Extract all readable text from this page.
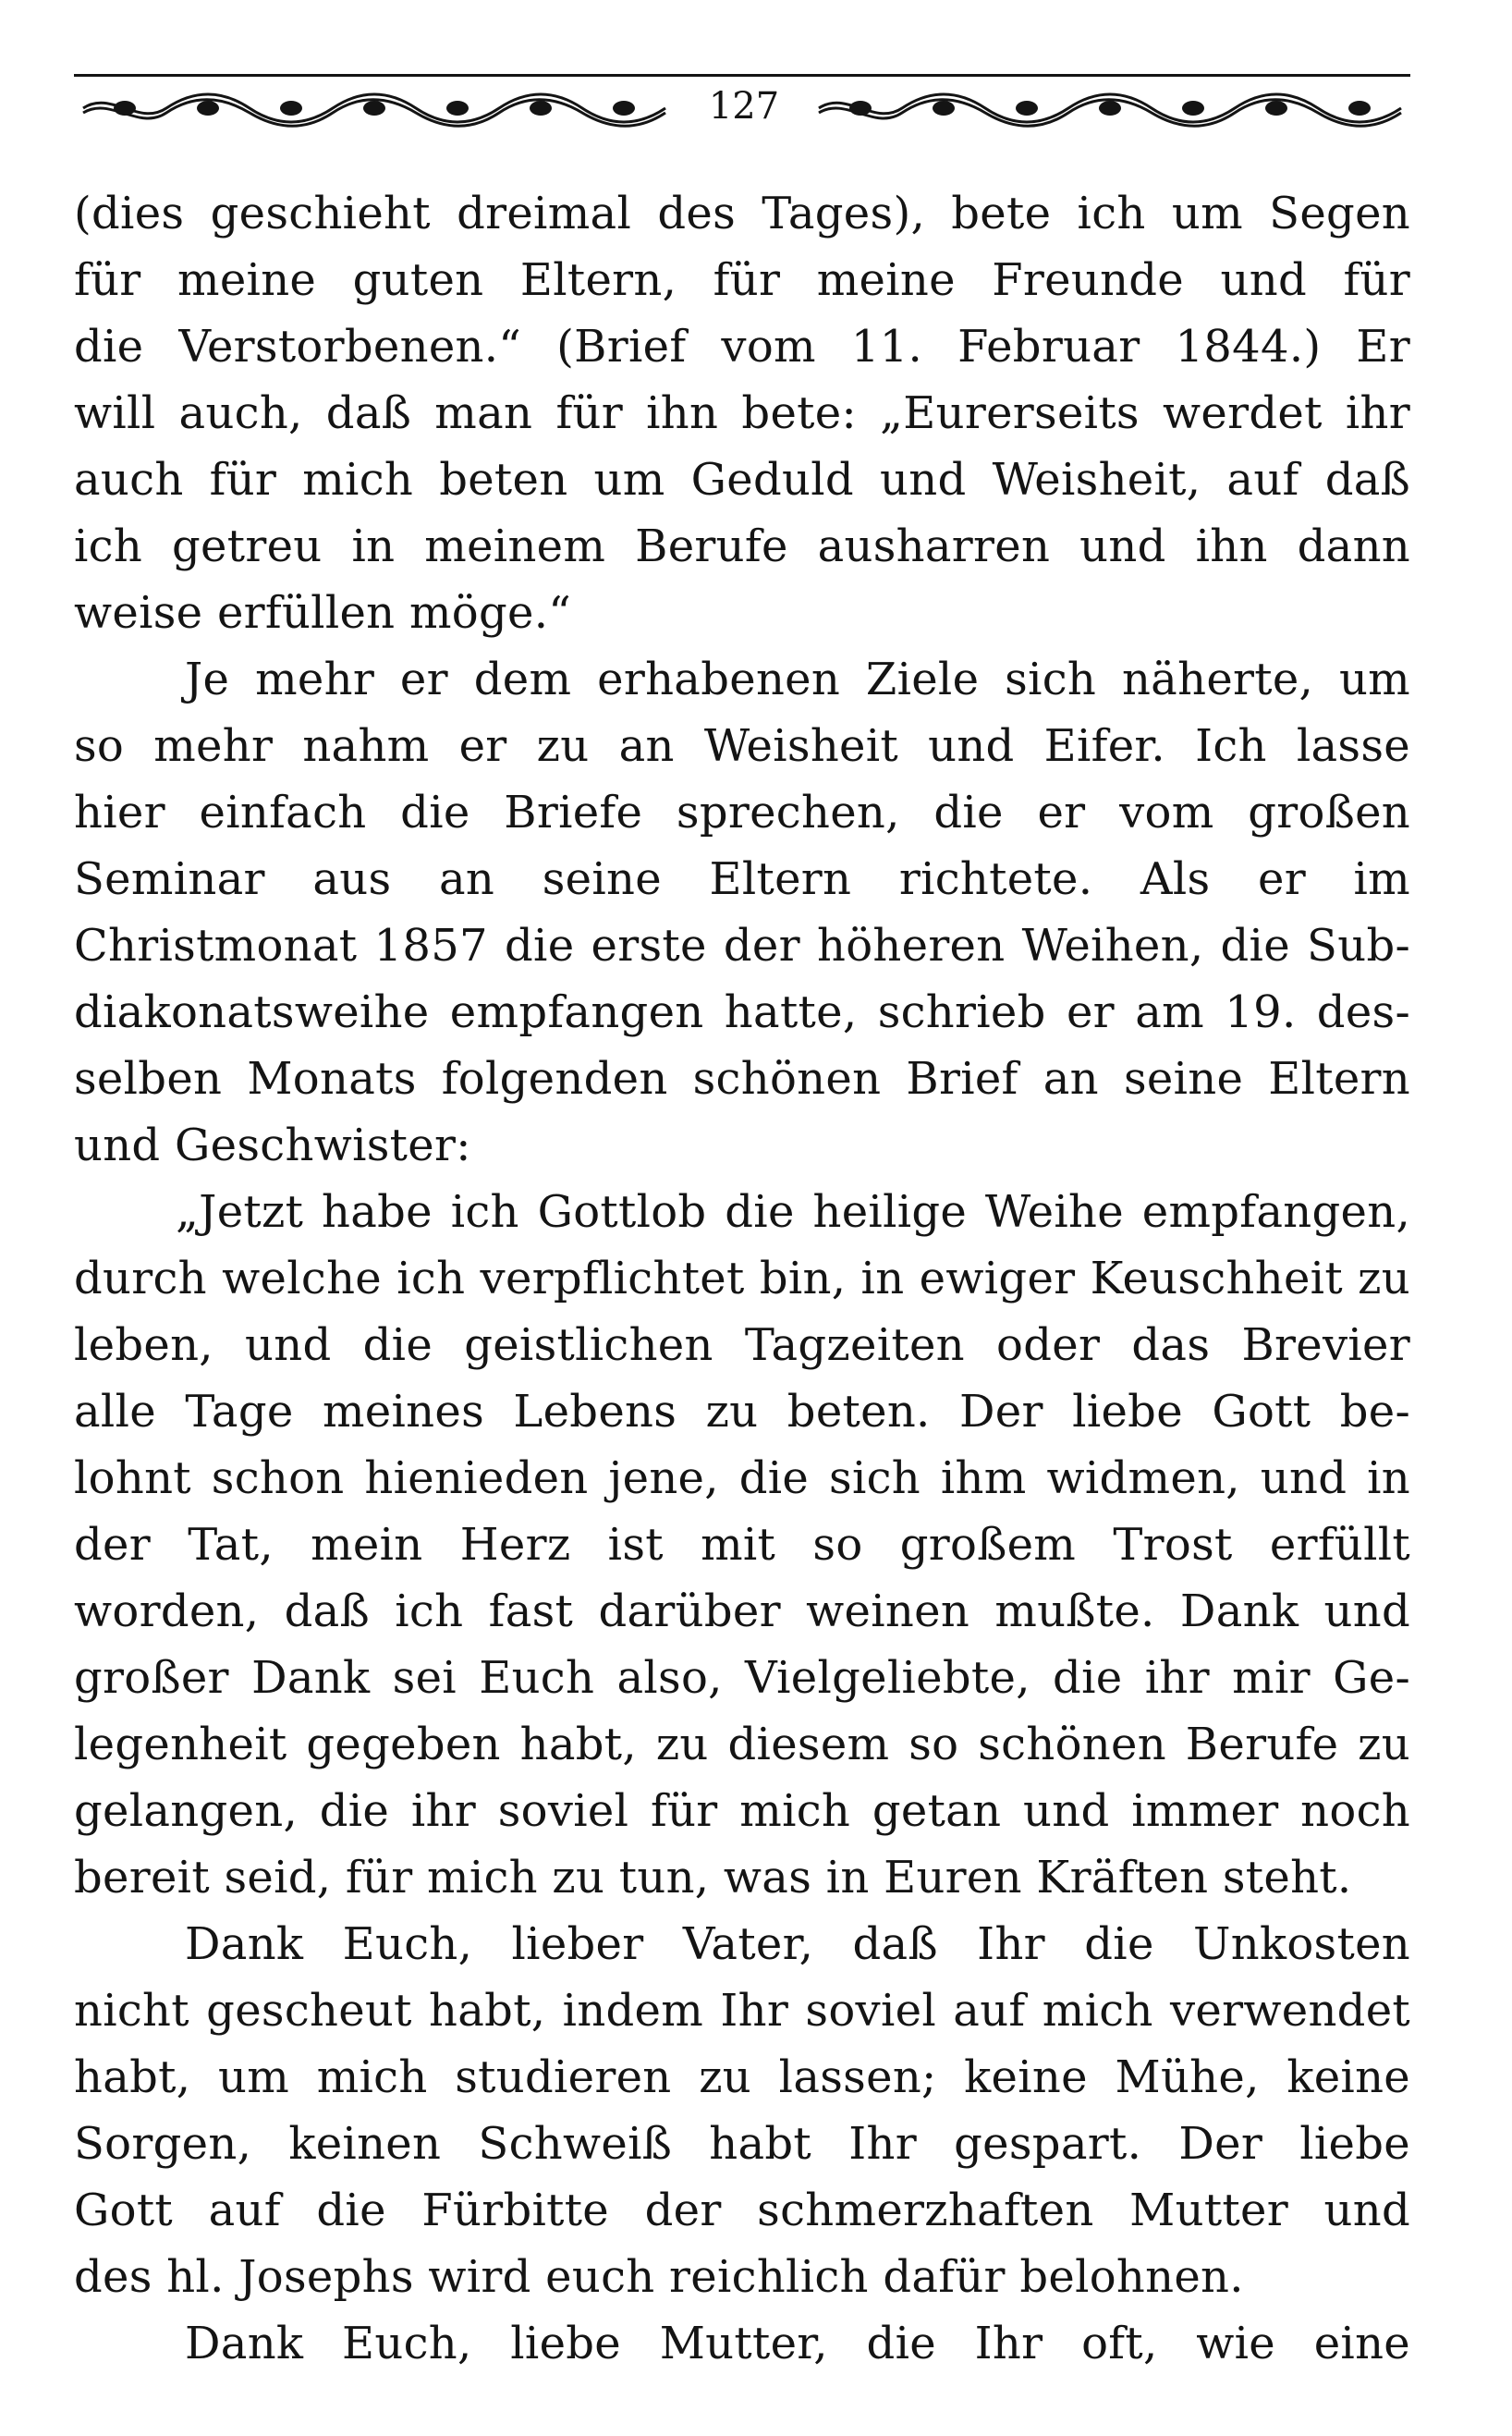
127
(dies geschieht dreimal des Tages), bete ich um Segen
für meine guten Eltern, für meine Freunde und für
die Verstorbenen.“ (Brief vom 11. Februar 1844.) Er
will auch, daß man für ihn bete: „Eurerseits werdet ihr
auch für mich beten um Geduld und Weisheit, auf daß
ich getreu in meinem Berufe ausharren und ihn dann
weise erfüllen möge.“
Je mehr er dem erhabenen Ziele sich näherte, um
so mehr nahm er zu an Weisheit und Eifer. Ich lasse
hier einfach die Briefe sprechen, die er vom großen
Seminar aus an seine Eltern richtete. Als er im
Christmonat 1857 die erste der höheren Weihen, die Sub-
diakonatsweihe empfangen hatte, schrieb er am 19. des-
selben Monats folgenden schönen Brief an seine Eltern
und Geschwister:
„Jetzt habe ich Gottlob die heilige Weihe empfangen,
durch welche ich verpflichtet bin, in ewiger Keuschheit zu
leben, und die geistlichen Tagzeiten oder das Brevier
alle Tage meines Lebens zu beten. Der liebe Gott be-
lohnt schon hienieden jene, die sich ihm widmen, und in
der Tat, mein Herz ist mit so großem Trost erfüllt
worden, daß ich fast darüber weinen mußte. Dank und
großer Dank sei Euch also, Vielgeliebte, die ihr mir Ge-
legenheit gegeben habt, zu diesem so schönen Berufe zu
gelangen, die ihr soviel für mich getan und immer noch
bereit seid, für mich zu tun, was in Euren Kräften steht.
Dank Euch, lieber Vater, daß Ihr die Unkosten
nicht gescheut habt, indem Ihr soviel auf mich verwendet
habt, um mich studieren zu lassen; keine Mühe, keine
Sorgen, keinen Schweiß habt Ihr gespart. Der liebe
Gott auf die Fürbitte der schmerzhaften Mutter und
des hl. Josephs wird euch reichlich dafür belohnen.
Dank Euch, liebe Mutter, die Ihr oft, wie eine
